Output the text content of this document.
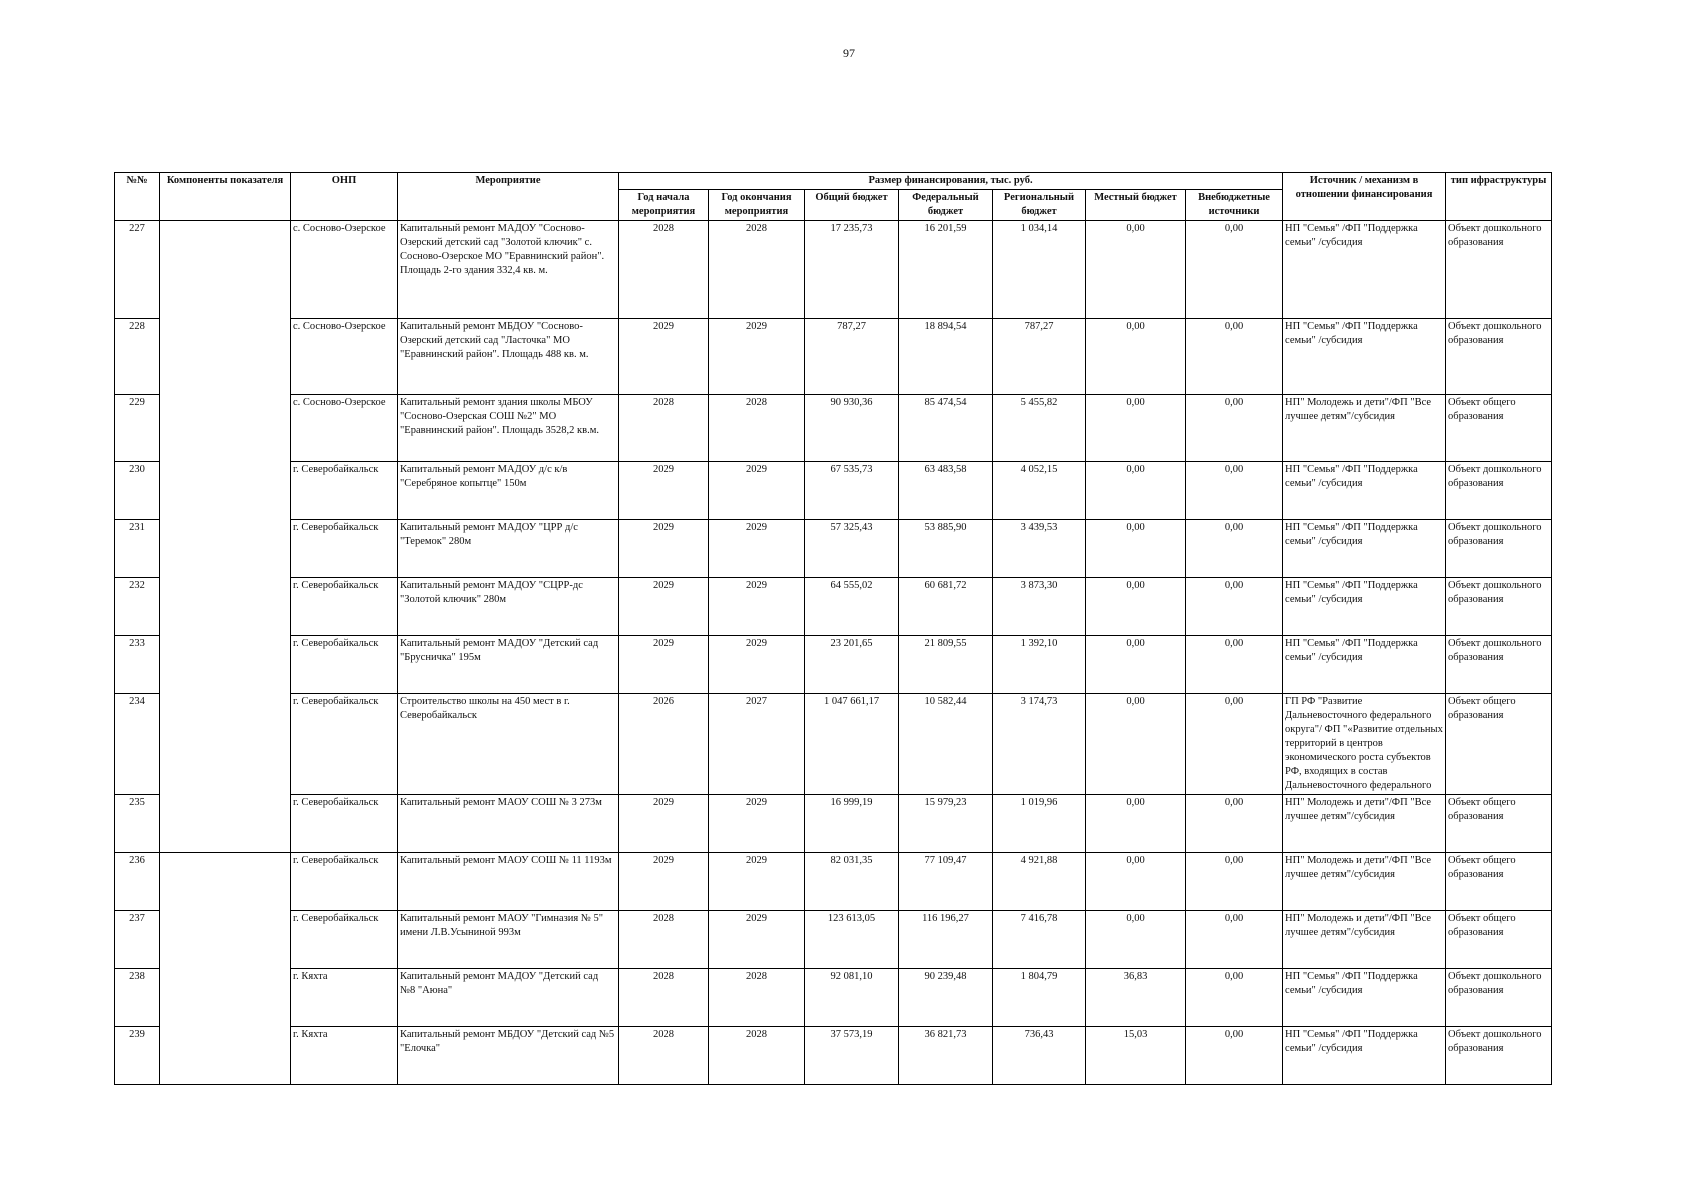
97
№№	Компоненты показателя	ОНП	Мероприятие	Размер финансирования, тыс. руб.							Источник / механизм в отношении финансирования	тип ифраструктуры
				Год начала мероприятия	Год окончания мероприятия	Общий бюджет	Федеральный бюджет	Региональный бюджет	Местный бюджет	Внебюджетные источники		
227		с. Сосново-Озерское	Капитальный ремонт МАДОУ "Сосново-Озерский детский сад "Золотой ключик" с. Сосново-Озерское МО "Еравнинский район". Площадь 2-го здания 332,4 кв. м.	2028	2028	17 235,73	16 201,59	1 034,14	0,00	0,00	НП "Семья" /ФП "Поддержка семьи" /субсидия	Объект дошкольного образования
228		с. Сосново-Озерское	Капитальный ремонт МБДОУ "Сосново-Озерский детский сад "Ласточка" МО "Еравнинский район". Площадь 488 кв. м.	2029	2029	787,27	18 894,54	787,27	0,00	0,00	НП "Семья" /ФП "Поддержка семьи" /субсидия	Объект дошкольного образования
229		с. Сосново-Озерское	Капитальный ремонт здания школы МБОУ "Сосново-Озерская СОШ №2" МО "Еравнинский район". Площадь 3528,2 кв.м.	2028	2028	90 930,36	85 474,54	5 455,82	0,00	0,00	НП" Молодежь и дети"/ФП "Все лучшее детям"/субсидия	Объект общего образования
230		г. Северобайкальск	Капитальный ремонт МАДОУ д/с к/в "Серебряное копытце" 150м	2029	2029	67 535,73	63 483,58	4 052,15	0,00	0,00	НП "Семья" /ФП "Поддержка семьи" /субсидия	Объект дошкольного образования
231		г. Северобайкальск	Капитальный ремонт МАДОУ "ЦРР д/с "Теремок" 280м	2029	2029	57 325,43	53 885,90	3 439,53	0,00	0,00	НП "Семья" /ФП "Поддержка семьи" /субсидия	Объект дошкольного образования
232		г. Северобайкальск	Капитальный ремонт МАДОУ "СЦРР-дс "Золотой ключик" 280м	2029	2029	64 555,02	60 681,72	3 873,30	0,00	0,00	НП "Семья" /ФП "Поддержка семьи" /субсидия	Объект дошкольного образования
233		г. Северобайкальск	Капитальный ремонт МАДОУ "Детский сад "Брусничка" 195м	2029	2029	23 201,65	21 809,55	1 392,10	0,00	0,00	НП "Семья" /ФП "Поддержка семьи" /субсидия	Объект дошкольного образования
234		г. Северобайкальск	Строительство школы на 450 мест в г. Северобайкальск	2026	2027	1 047 661,17	10 582,44	3 174,73	0,00	0,00	ГП РФ "Развитие Дальневосточного федерального округа"/ ФП "«Развитие отдельных территорий в центров экономического роста субъектов РФ, входящих в состав Дальневосточного федерального	Объект общего образования
235		г. Северобайкальск	Капитальный ремонт МАОУ СОШ № 3 273м	2029	2029	16 999,19	15 979,23	1 019,96	0,00	0,00	НП" Молодежь и дети"/ФП "Все лучшее детям"/субсидия	Объект общего образования
236		г. Северобайкальск	Капитальный ремонт МАОУ СОШ № 11 1193м	2029	2029	82 031,35	77 109,47	4 921,88	0,00	0,00	НП" Молодежь и дети"/ФП "Все лучшее детям"/субсидия	Объект общего образования
237		г. Северобайкальск	Капитальный ремонт МАОУ "Гимназия № 5" имени Л.В.Усыниной 993м	2028	2029	123 613,05	116 196,27	7 416,78	0,00	0,00	НП" Молодежь и дети"/ФП "Все лучшее детям"/субсидия	Объект общего образования
238		г. Кяхта	Капитальный ремонт МАДОУ "Детский сад №8 "Аюна"	2028	2028	92 081,10	90 239,48	1 804,79	36,83	0,00	НП "Семья" /ФП "Поддержка семьи" /субсидия	Объект дошкольного образования
239		г. Кяхта	Капитальный ремонт МБДОУ "Детский сад №5 "Елочка"	2028	2028	37 573,19	36 821,73	736,43	15,03	0,00	НП "Семья" /ФП "Поддержка семьи" /субсидия	Объект дошкольного образования
